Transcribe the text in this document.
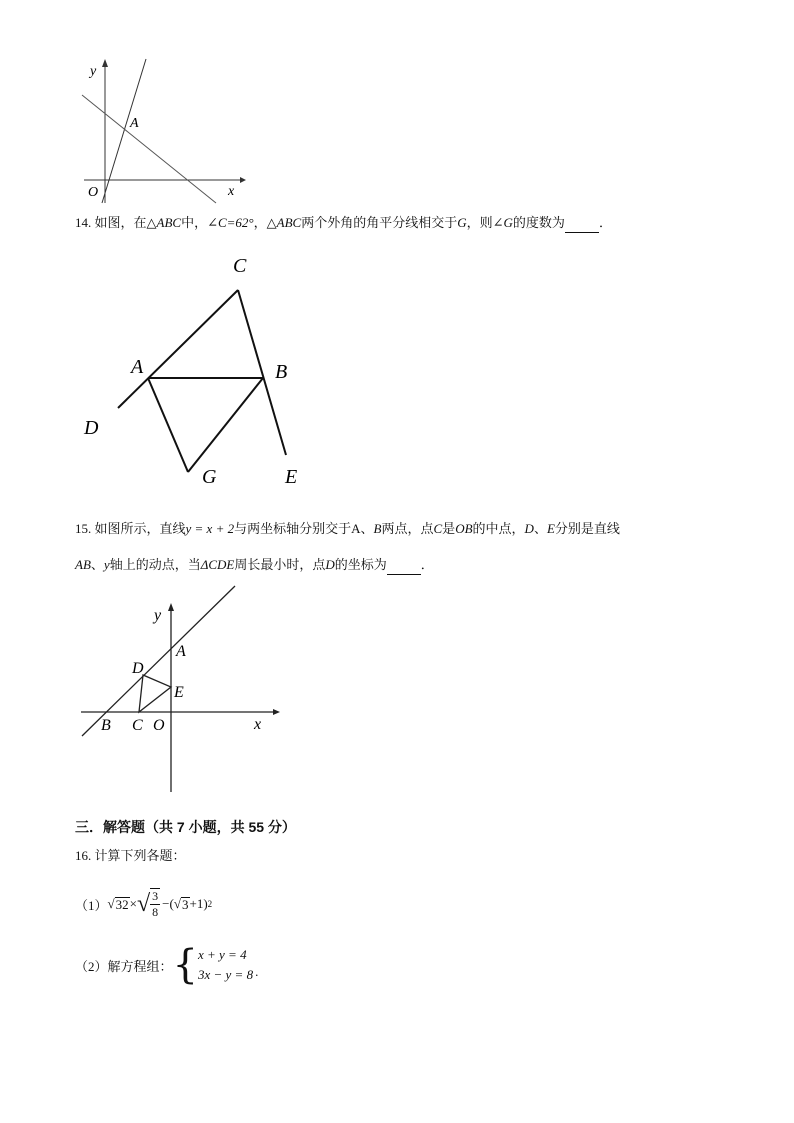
y
x
O
A
14. 如图，在△ABC中，∠C=62°，△ABC两个外角的角平分线相交于G，则∠G的度数为	．
C
A	B
D
G	E
15. 如图所示，直线y = x + 2与两坐标轴分别交于A、B两点，点C是OB的中点，D、E分别是直线
AB、y轴上的动点，当ΔCDE周长最小时，点D的坐标为	．
y
x
A
D
E
B C O
三．解答题（共 7 小题，共 55 分）
16. 计算下列各题：
（1） √ 32 × √ $\frac{3}{8}$ − ( √ 3 +1) 2
（2） 解方程组： { x + y = 4
3x − y = 8 .
